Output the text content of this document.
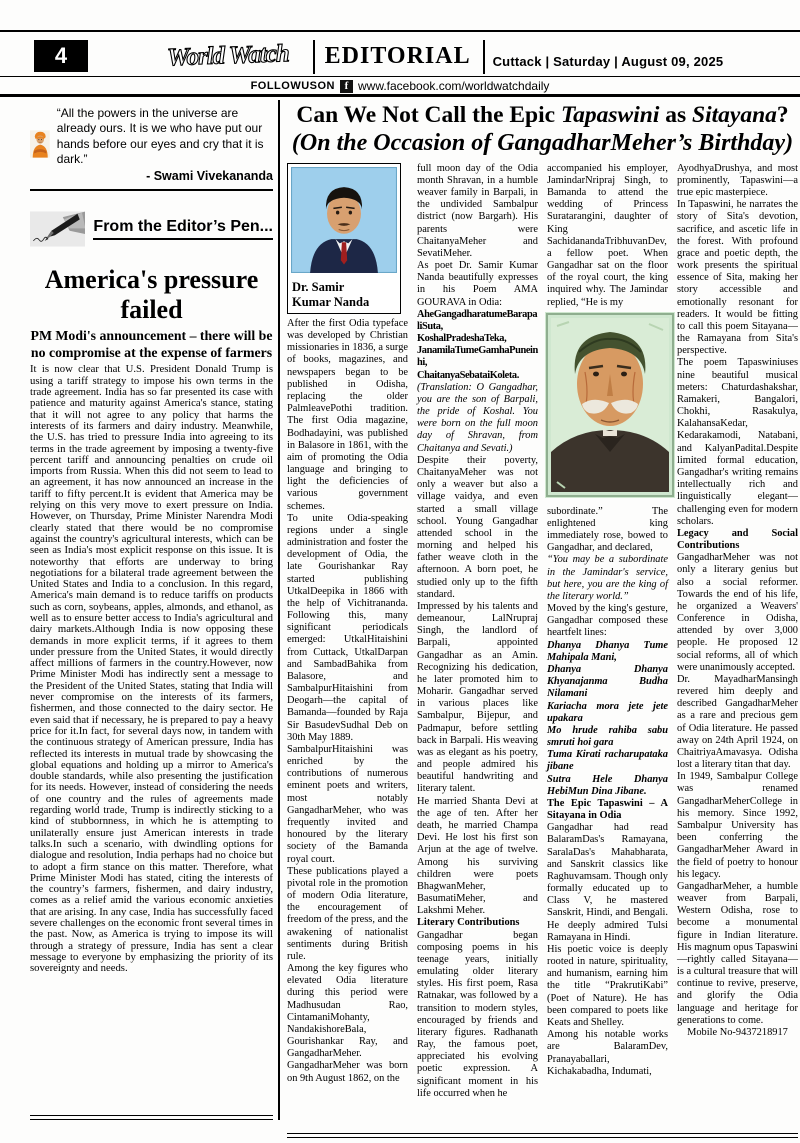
4	World Watch EDITORIAL	Cuttack | Saturday | August 09, 2025
FOLLOWUSON f www.facebook.com/worldwatchdaily
“All the powers in the universe are already ours. It is we who have put our hands before our eyes and cry that it is dark.”
- Swami Vivekananda
From the Editor’s Pen...
America's pressure failed
PM Modi's announcement – there will be no compromise at the expense of farmers

It is now clear that U.S. President Donald Trump is using a tariff strategy to impose his own terms in the trade agreement. India has so far presented its case with patience and maturity against America's stance, stating that it will not agree to any policy that harms the interests of its farmers and dairy industry. Meanwhile, the U.S. has tried to pressure India into agreeing to its terms in the trade agreement by imposing a twenty-five percent tariff and announcing penalties on crude oil imports from Russia. When this did not seem to lead to an agreement, it has now announced an increase in the tariff to fifty percent.It is evident that America may be relying on this very move to exert pressure on India. However, on Thursday, Prime Minister Narendra Modi clearly stated that there would be no compromise against the country's agricultural interests, which can be seen as India's most explicit response on this issue. It is noteworthy that efforts are underway to bring negotiations for a bilateral trade agreement between the United States and India to a conclusion. In this regard, America's main demand is to reduce tariffs on products such as corn, soybeans, apples, almonds, and ethanol, as well as to ensure better access to India's agricultural and dairy markets.Although India is now opposing these demands in more explicit terms, if it agrees to them under pressure from the United States, it would directly affect millions of farmers in the country.However, now Prime Minister Modi has indirectly sent a message to the President of the United States, stating that India will never compromise on the interests of its farmers, fishermen, and those connected to the dairy sector. He even said that if necessary, he is prepared to pay a heavy price for it.In fact, for several days now, in tandem with the continuous strategy of American pressure, India has reflected its interests in mutual trade by showcasing the global equations and holding up a mirror to America's double standards, while also presenting the justification for its needs. However, instead of considering the needs of one country and the rules of agreements made regarding world trade, Trump is indirectly sticking to a kind of stubbornness, in which he is attempting to unilaterally ensure just American interests in trade talks.In such a scenario, with dwindling options for dialogue and resolution, India perhaps had no choice but to adopt a firm stance on this matter. Therefore, what Prime Minister Modi has stated, citing the interests of the country’s farmers, fishermen, and dairy industry, comes as a relief amid the various economic anxieties that are arising. In any case, India has successfully faced severe challenges on the economic front several times in the past. Now, as America is trying to impose its will through a strategy of pressure, India has sent a clear message to everyone by emphasizing the priority of its sovereignty and needs.

Can We Not Call the Epic Tapaswini as Sitayana?
(On the Occasion of GangadharMeher’s Birthday)
Dr. Samir
Kumar Nanda

After the first Odia typeface was developed by Christian missionaries in 1836, a surge of books, magazines, and newspapers began to be published in Odisha, replacing the older PalmleavePothi tradition. The first Odia magazine, Bodhadayini, was published in Balasore in 1861, with the aim of promoting the Odia language and bringing to light the deficiencies of various government schemes.

To unite Odia-speaking regions under a single administration and foster the development of Odia, the late Gourishankar Ray started publishing UtkalDeepika in 1866 with the help of Vichitrananda. Following this, many significant periodicals emerged: UtkalHitaishini from Cuttack, UtkalDarpan and SambadBahika from Balasore, and SambalpurHitaishini from Deogarh—the capital of Bamanda—founded by Raja Sir BasudevSudhal Deb on 30th May 1889.

SambalpurHitaishini was enriched by the contributions of numerous eminent poets and writers, most notably GangadharMeher, who was frequently invited and honoured by the literary society of the Bamanda royal court.

These publications played a pivotal role in the promotion of modern Odia literature, the encouragement of freedom of the press, and the awakening of nationalist sentiments during British rule.

Among the key figures who elevated Odia literature during this period were Madhusudan Rao, CintamaniMohanty, NandakishoreBala, Gourishankar Ray, and GangadharMeher.

GangadharMeher was born on 9th August 1862, on the

full moon day of the Odia month Shravan, in a humble weaver family in Barpali, in the undivided Sambalpur district (now Bargarh). His parents were ChaitanyaMeher and SevatiMeher.

As poet Dr. Samir Kumar Nanda beautifully expresses in his Poem AMA GOURAVA in Odia:

AheGangadharatumeBarapaliSuta,

KoshalPradeshaTeka,

JanamilaTumeGamhaPuneinhi,

ChaitanyaSebataiKoleta.

(Translation: O Gangadhar, you are the son of Barpali, the pride of Koshal. You were born on the full moon day of Shravan, from Chaitanya and Sevati.)

Despite their poverty, ChaitanyaMeher was not only a weaver but also a village vaidya, and even started a small village school. Young Gangadhar attended school in the morning and helped his father weave cloth in the afternoon. A born poet, he studied only up to the fifth standard.

Impressed by his talents and demeanour, LalNrupraj Singh, the landlord of Barpali, appointed Gangadhar as an Amin. Recognizing his dedication, he later promoted him to Moharir. Gangadhar served in various places like Sambalpur, Bijepur, and Padmapur, before settling back in Barpali. His weaving was as elegant as his poetry, and people admired his beautiful handwriting and literary talent.

He married Shanta Devi at the age of ten. After her death, he married Champa Devi. He lost his first son Arjun at the age of twelve. Among his surviving children were poets BhagwanMeher, BasumatiMeher, and Lakshmi Meher.

Literary Contributions

Gangadhar began composing poems in his teenage years, initially emulating older literary styles. His first poem, Rasa Ratnakar, was followed by a transition to modern styles, encouraged by friends and literary figures. Radhanath Ray, the famous poet, appreciated his evolving poetic expression. A significant moment in his life occurred when he

accompanied his employer, JamindarNripraj Singh, to Bamanda to attend the wedding of Princess Suratarangini, daughter of King SachidanandaTribhuvanDev, a fellow poet. When Gangadhar sat on the floor of the royal court, the king inquired why. The Jamindar replied, “He is my

subordinate.” The enlightened king immediately rose, bowed to Gangadhar, and declared,

“You may be a subordinate in the Jamindar's service, but here, you are the king of the literary world.”

Moved by the king's gesture, Gangadhar composed these heartfelt lines:

Dhanya Dhanya Tume Mahipala Mani,

Dhanya Dhanya Khyanajanma Budha Nilamani

Kariacha mora jete jete upakara

Mo hrude rahiba sabu smruti hoi gara

Tuma Kirati racharupataka jibane

Sutra Hele Dhanya HebiMun Dina Jibane.

The Epic Tapaswini – A Sitayana in Odia

Gangadhar had read BalaramDas's Ramayana, SaralaDas's Mahabharata, and Sanskrit classics like Raghuvamsam. Though only formally educated up to Class V, he mastered Sanskrit, Hindi, and Bengali. He deeply admired Tulsi Ramayana in Hindi.

His poetic voice is deeply rooted in nature, spirituality, and humanism, earning him the title “PrakrutiKabi” (Poet of Nature). He has been compared to poets like Keats and Shelley.

Among his notable works are BalaramDev, Pranayaballari, Kichakabadha, Indumati,

AyodhyaDrushya, and most prominently, Tapaswini—a true epic masterpiece.

In Tapaswini, he narrates the story of Sita's devotion, sacrifice, and ascetic life in the forest. With profound grace and poetic depth, the work presents the spiritual essence of Sita, making her story accessible and emotionally resonant for readers. It would be fitting to call this poem Sitayana—the Ramayana from Sita's perspective.

The poem Tapaswiniuses nine beautiful musical meters: Chaturdashakshar, Ramakeri, Bangalori, Chokhi, Rasakulya, KalahansaKedar, Kedarakamodi, Natabani, and KalyanPadital.Despite limited formal education, Gangadhar's writing remains intellectually rich and linguistically elegant—challenging even for modern scholars.

Legacy and Social Contributions

GangadharMeher was not only a literary genius but also a social reformer. Towards the end of his life, he organized a Weavers' Conference in Odisha, attended by over 3,000 people. He proposed 12 social reforms, all of which were unanimously accepted.

Dr. MayadharMansingh revered him deeply and described GangadharMeher as a rare and precious gem of Odia literature. He passed away on 24th April 1924, on ChaitriyaAmavasya. Odisha lost a literary titan that day.

In 1949, Sambalpur College was renamed GangadharMeherCollege in his memory. Since 1992, Sambalpur University has been conferring the GangadharMeher Award in the field of poetry to honour his legacy.

GangadharMeher, a humble weaver from Barpali, Western Odisha, rose to become a monumental figure in Indian literature. His magnum opus Tapaswini—rightly called Sitayana—is a cultural treasure that will continue to revive, preserve, and glorify the Odia language and heritage for generations to come.

Mobile No-9437218917
